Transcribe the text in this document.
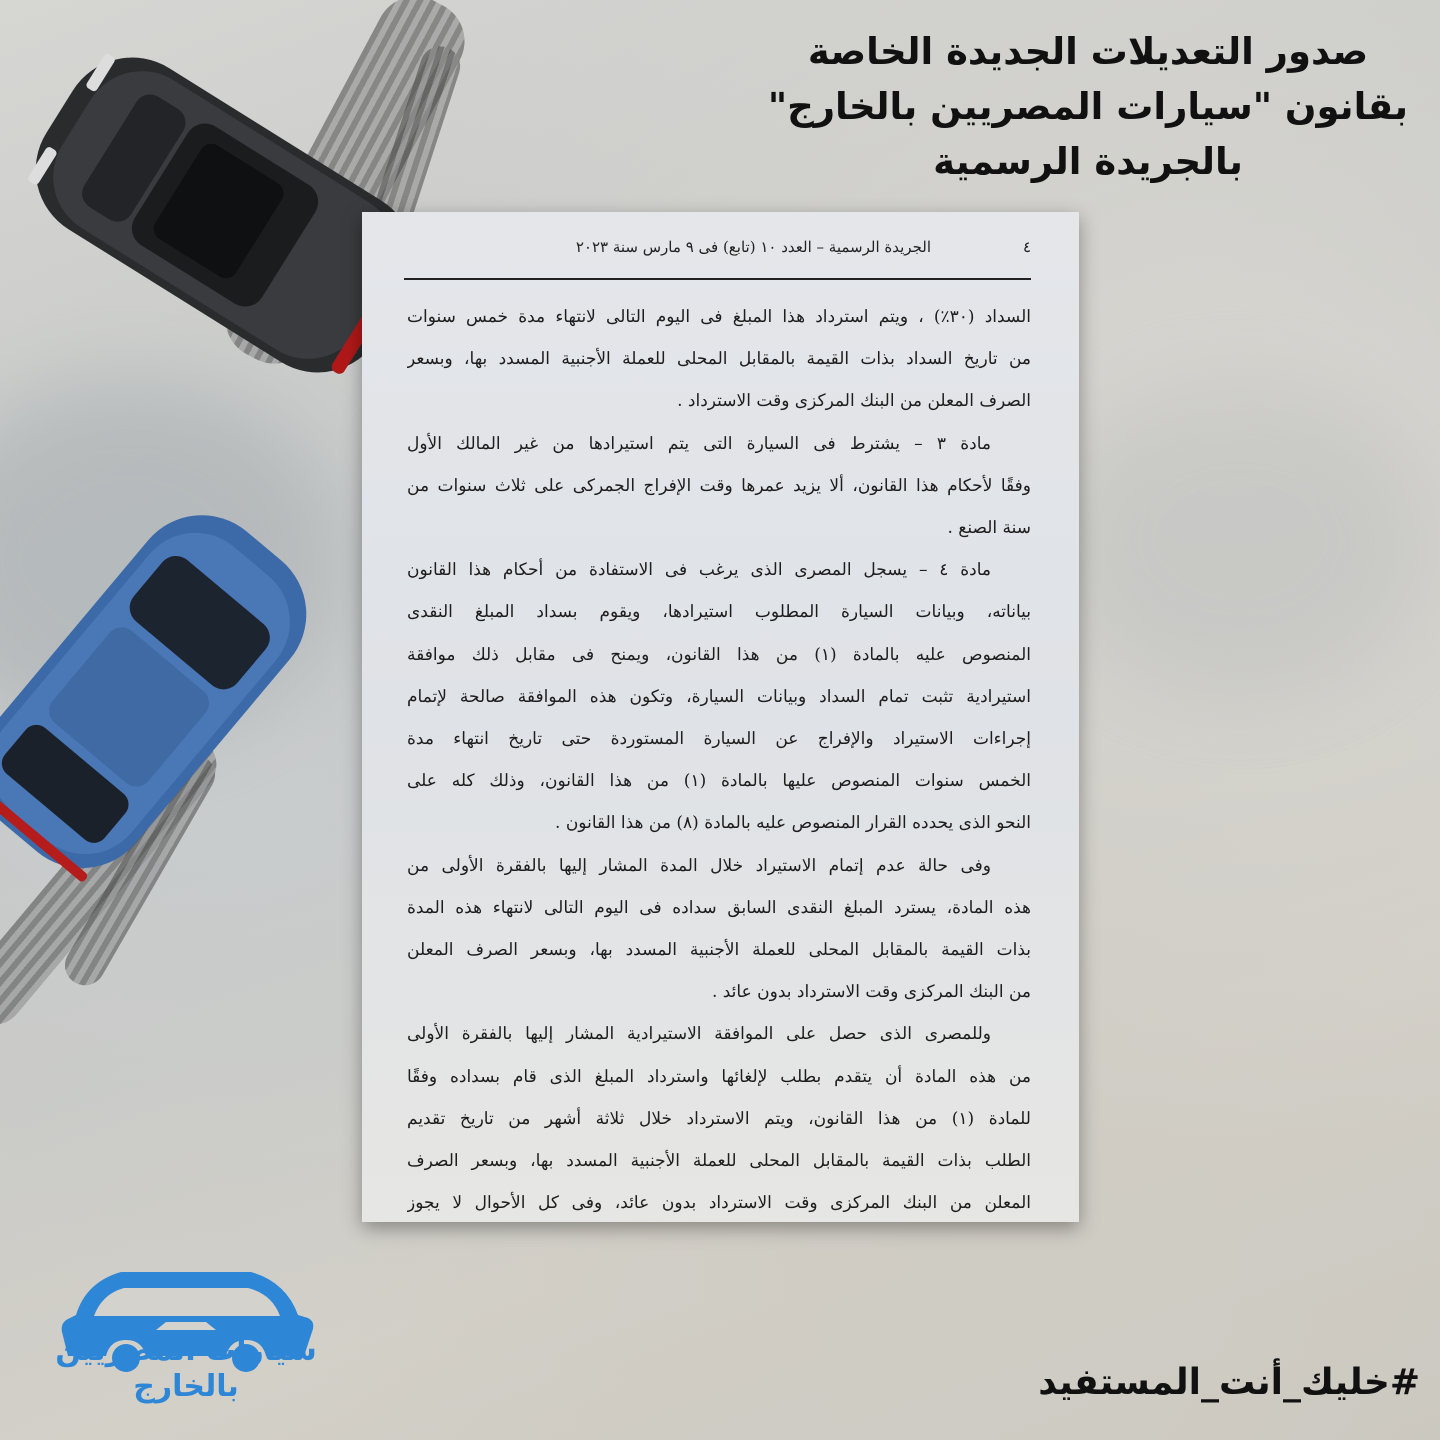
صدور التعديلات الجديدة الخاصة
بقانون "سيارات المصريين بالخارج"
بالجريدة الرسمية
٤
الجريدة الرسمية – العدد ١٠ (تابع) فى ٩ مارس سنة ٢٠٢٣
السداد (٣٠٪) ، ويتم استرداد هذا المبلغ فى اليوم التالى لانتهاء مدة خمس سنوات
من تاريخ السداد بذات القيمة بالمقابل المحلى للعملة الأجنبية المسدد بها، وبسعر
الصرف المعلن من البنك المركزى وقت الاسترداد .
مادة ٣ – يشترط فى السيارة التى يتم استيرادها من غير المالك الأول
وفقًا لأحكام هذا القانون، ألا يزيد عمرها وقت الإفراج الجمركى على ثلاث سنوات من
سنة الصنع .
مادة ٤ – يسجل المصرى الذى يرغب فى الاستفادة من أحكام هذا القانون
بياناته، وبيانات السيارة المطلوب استيرادها، ويقوم بسداد المبلغ النقدى
المنصوص عليه بالمادة (١) من هذا القانون، ويمنح فى مقابل ذلك موافقة
استيرادية تثبت تمام السداد وبيانات السيارة، وتكون هذه الموافقة صالحة لإتمام
إجراءات الاستيراد والإفراج عن السيارة المستوردة حتى تاريخ انتهاء مدة
الخمس سنوات المنصوص عليها بالمادة (١) من هذا القانون، وذلك كله على
النحو الذى يحدده القرار المنصوص عليه بالمادة (٨) من هذا القانون .
وفى حالة عدم إتمام الاستيراد خلال المدة المشار إليها بالفقرة الأولى من
هذه المادة، يسترد المبلغ النقدى السابق سداده فى اليوم التالى لانتهاء هذه المدة
بذات القيمة بالمقابل المحلى للعملة الأجنبية المسدد بها، وبسعر الصرف المعلن
من البنك المركزى وقت الاسترداد بدون عائد .
وللمصرى الذى حصل على الموافقة الاستيرادية المشار إليها بالفقرة الأولى
من هذه المادة أن يتقدم بطلب لإلغائها واسترداد المبلغ الذى قام بسداده وفقًا
للمادة (١) من هذا القانون، ويتم الاسترداد خلال ثلاثة أشهر من تاريخ تقديم
الطلب بذات القيمة بالمقابل المحلى للعملة الأجنبية المسدد بها، وبسعر الصرف
المعلن من البنك المركزى وقت الاسترداد بدون عائد، وفى كل الأحوال لا يجوز
سيارات المصريين
بالخارج	#خليك_أنت_المستفيد
